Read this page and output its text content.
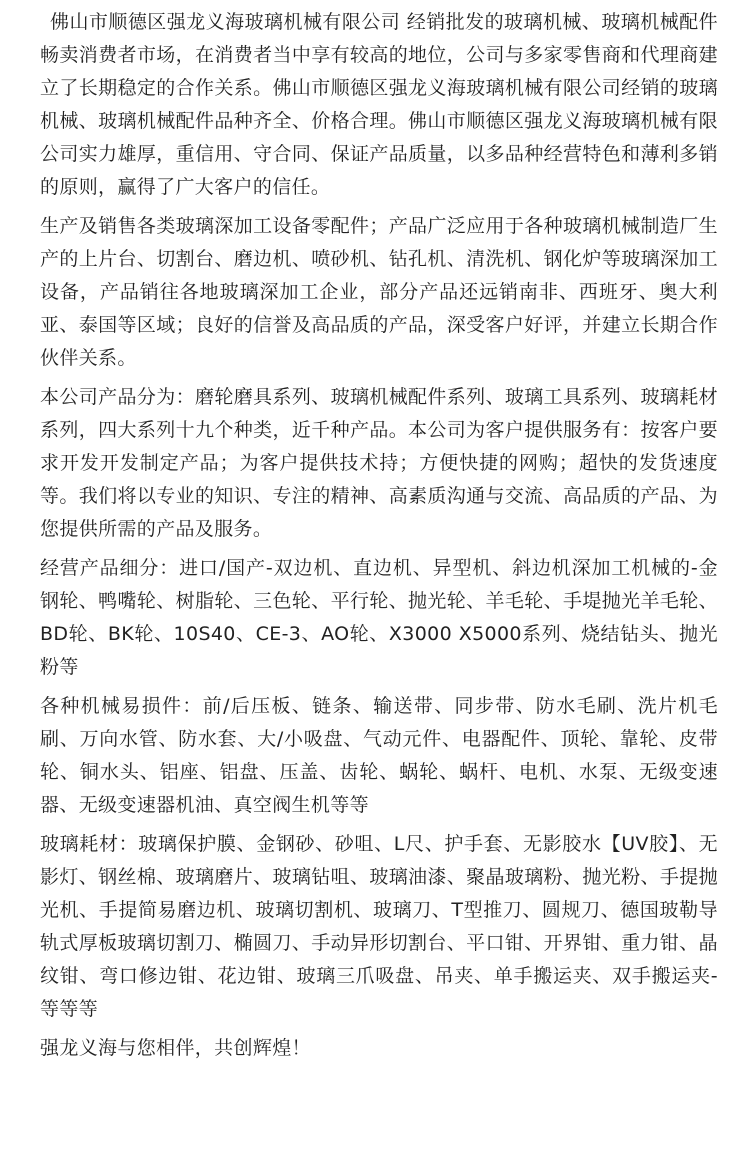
佛山市顺德区强龙义海玻璃机械有限公司 经销批发的玻璃机械、玻璃机械配件畅卖消费者市场，在消费者当中享有较高的地位，公司与多家零售商和代理商建立了长期稳定的合作关系。佛山市顺德区强龙义海玻璃机械有限公司经销的玻璃机械、玻璃机械配件品种齐全、价格合理。佛山市顺德区强龙义海玻璃机械有限公司实力雄厚，重信用、守合同、保证产品质量，以多品种经营特色和薄利多销的原则，赢得了广大客户的信任。

生产及销售各类玻璃深加工设备零配件；产品广泛应用于各种玻璃机械制造厂生产的上片台、切割台、磨边机、喷砂机、钻孔机、清洗机、钢化炉等玻璃深加工设备，产品销往各地玻璃深加工企业，部分产品还远销南非、西班牙、奥大利亚、泰国等区域；良好的信誉及高品质的产品，深受客户好评，并建立长期合作伙伴关系。

本公司产品分为：磨轮磨具系列、玻璃机械配件系列、玻璃工具系列、玻璃耗材系列，四大系列十九个种类，近千种产品。本公司为客户提供服务有：按客户要求开发开发制定产品；为客户提供技术持；方便快捷的网购；超快的发货速度等。我们将以专业的知识、专注的精神、高素质沟通与交流、高品质的产品、为您提供所需的产品及服务。

经营产品细分：进口/国产-双边机、直边机、异型机、斜边机深加工机械的-金钢轮、鸭嘴轮、树脂轮、三色轮、平行轮、抛光轮、羊毛轮、手堤抛光羊毛轮、BD轮、BK轮、10S40、CE-3、AO轮、X3000 X5000系列、烧结钻头、抛光粉等

各种机械易损件：前/后压板、链条、输送带、同步带、防水毛刷、洗片机毛刷、万向水管、防水套、大/小吸盘、气动元件、电器配件、顶轮、靠轮、皮带轮、铜水头、铝座、铝盘、压盖、齿轮、蜗轮、蜗杆、电机、水泵、无级变速器、无级变速器机油、真空阀生机等等

玻璃耗材：玻璃保护膜、金钢砂、砂咀、L尺、护手套、无影胶水【UV胶】、无影灯、钢丝棉、玻璃磨片、玻璃钻咀、玻璃油漆、聚晶玻璃粉、抛光粉、手提抛光机、手提简易磨边机、玻璃切割机、玻璃刀、T型推刀、圆规刀、德国玻勒导轨式厚板玻璃切割刀、椭圆刀、手动异形切割台、平口钳、开界钳、重力钳、晶纹钳、弯口修边钳、花边钳、玻璃三爪吸盘、吊夹、单手搬运夹、双手搬运夹-等等等

强龙义海与您相伴，共创辉煌！
